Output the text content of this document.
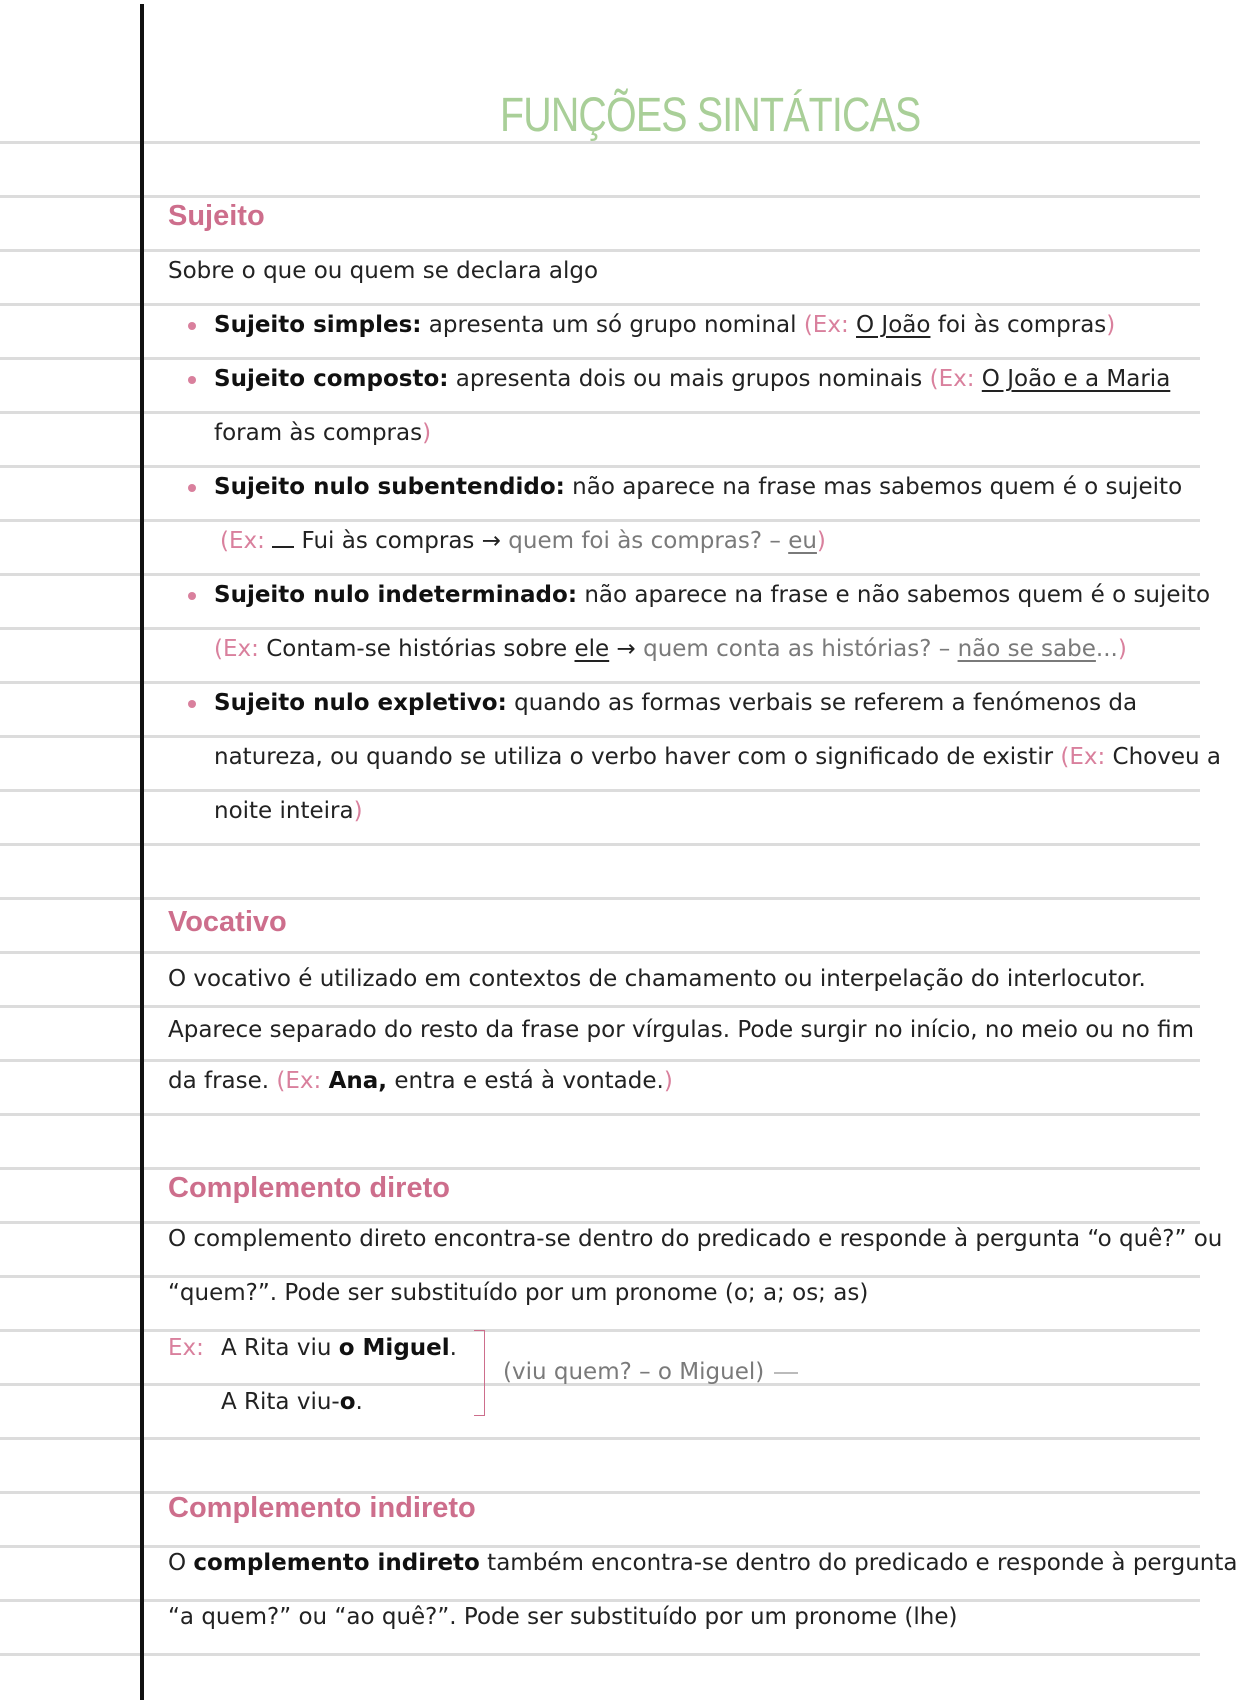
FUNÇÕES SINTÁTICAS
Sujeito
Sobre o que ou quem se declara algo
Sujeito simples: apresenta um só grupo nominal (Ex: O João foi às compras)
Sujeito composto: apresenta dois ou mais grupos nominais (Ex: O João e a Maria
foram às compras)
Sujeito nulo subentendido: não aparece na frase mas sabemos quem é o sujeito
(Ex:  Fui às compras → quem foi às compras? – eu)
Sujeito nulo indeterminado: não aparece na frase e não sabemos quem é o sujeito
(Ex: Contam-se histórias sobre ele → quem conta as histórias? – não se sabe...)
Sujeito nulo expletivo: quando as formas verbais se referem a fenómenos da
natureza, ou quando se utiliza o verbo haver com o significado de existir (Ex: Choveu a
noite inteira)
Vocativo
O vocativo é utilizado em contextos de chamamento ou interpelação do interlocutor.
Aparece separado do resto da frase por vírgulas. Pode surgir no início, no meio ou no fim
da frase. (Ex: Ana, entra e está à vontade.)
Complemento direto
O complemento direto encontra-se dentro do predicado e responde à pergunta “o quê?” ou
“quem?”. Pode ser substituído por um pronome (o; a; os; as)
Ex: A Rita viu o Miguel.
A Rita viu-o.
(viu quem? – o Miguel)
Complemento indireto
O complemento indireto também encontra-se dentro do predicado e responde à pergunta
“a quem?” ou “ao quê?”. Pode ser substituído por um pronome (lhe)
